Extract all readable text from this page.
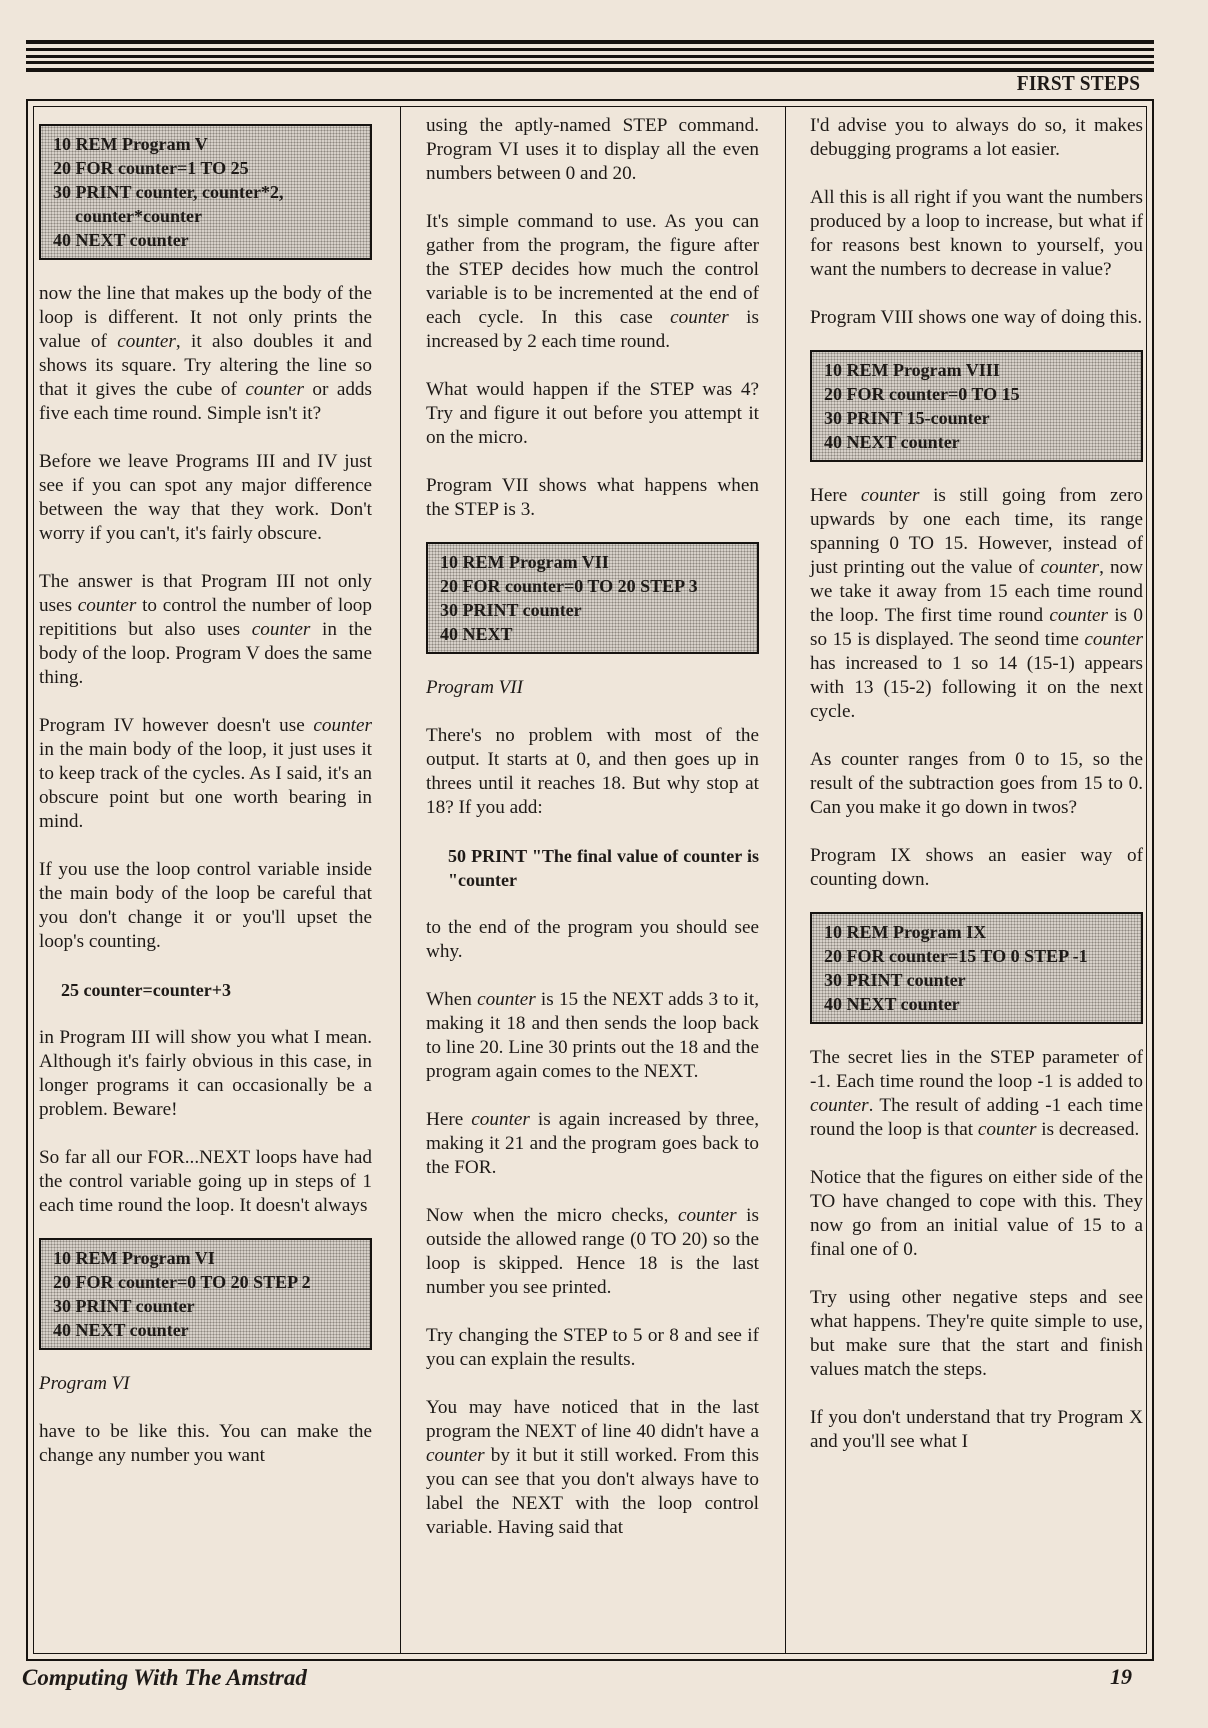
FIRST STEPS
10 REM Program V
20 FOR counter=1 TO 25
30 PRINT counter, counter*2,
counter*counter
40 NEXT counter

now the line that makes up the body of the loop is different. It not only prints the value of counter, it also doubles it and shows its square. Try altering the line so that it gives the cube of counter or adds five each time round. Simple isn't it?

Before we leave Programs III and IV just see if you can spot any major difference between the way that they work. Don't worry if you can't, it's fairly obscure.

The answer is that Program III not only uses counter to control the number of loop repititions but also uses counter in the body of the loop. Program V does the same thing.

Program IV however doesn't use counter in the main body of the loop, it just uses it to keep track of the cycles. As I said, it's an obscure point but one worth bearing in mind.

If you use the loop control variable inside the main body of the loop be careful that you don't change it or you'll upset the loop's counting.

25 counter=counter+3

in Program III will show you what I mean. Although it's fairly obvious in this case, in longer programs it can occasionally be a problem. Beware!

So far all our FOR...NEXT loops have had the control variable going up in steps of 1 each time round the loop. It doesn't always

10 REM Program VI
20 FOR counter=0 TO 20 STEP 2
30 PRINT counter
40 NEXT counter
Program VI

have to be like this. You can make the change any number you want

using the aptly-named STEP command. Program VI uses it to display all the even numbers between 0 and 20.

It's simple command to use. As you can gather from the program, the figure after the STEP decides how much the control variable is to be incremented at the end of each cycle. In this case counter is increased by 2 each time round.

What would happen if the STEP was 4? Try and figure it out before you attempt it on the micro.

Program VII shows what happens when the STEP is 3.

10 REM Program VII
20 FOR counter=0 TO 20 STEP 3
30 PRINT counter
40 NEXT
Program VII

There's no problem with most of the output. It starts at 0, and then goes up in threes until it reaches 18. But why stop at 18? If you add:

50 PRINT "The final value of counter is "counter

to the end of the program you should see why.

When counter is 15 the NEXT adds 3 to it, making it 18 and then sends the loop back to line 20. Line 30 prints out the 18 and the program again comes to the NEXT.

Here counter is again increased by three, making it 21 and the program goes back to the FOR.

Now when the micro checks, counter is outside the allowed range (0 TO 20) so the loop is skipped. Hence 18 is the last number you see printed.

Try changing the STEP to 5 or 8 and see if you can explain the results.

You may have noticed that in the last program the NEXT of line 40 didn't have a counter by it but it still worked. From this you can see that you don't always have to label the NEXT with the loop control variable. Having said that

I'd advise you to always do so, it makes debugging programs a lot easier.

All this is all right if you want the numbers produced by a loop to increase, but what if for reasons best known to yourself, you want the numbers to decrease in value?

Program VIII shows one way of doing this.

10 REM Program VIII
20 FOR counter=0 TO 15
30 PRINT 15-counter
40 NEXT counter

Here counter is still going from zero upwards by one each time, its range spanning 0 TO 15. However, instead of just printing out the value of counter, now we take it away from 15 each time round the loop. The first time round counter is 0 so 15 is displayed. The seond time counter has increased to 1 so 14 (15-1) appears with 13 (15-2) following it on the next cycle.

As counter ranges from 0 to 15, so the result of the subtraction goes from 15 to 0. Can you make it go down in twos?

Program IX shows an easier way of counting down.

10 REM Program IX
20 FOR counter=15 TO 0 STEP -1
30 PRINT counter
40 NEXT counter

The secret lies in the STEP parameter of -1. Each time round the loop -1 is added to counter. The result of adding -1 each time round the loop is that counter is decreased.

Notice that the figures on either side of the TO have changed to cope with this. They now go from an initial value of 15 to a final one of 0.

Try using other negative steps and see what happens. They're quite simple to use, but make sure that the start and finish values match the steps.

If you don't understand that try Program X and you'll see what I

Computing With The Amstrad	19
